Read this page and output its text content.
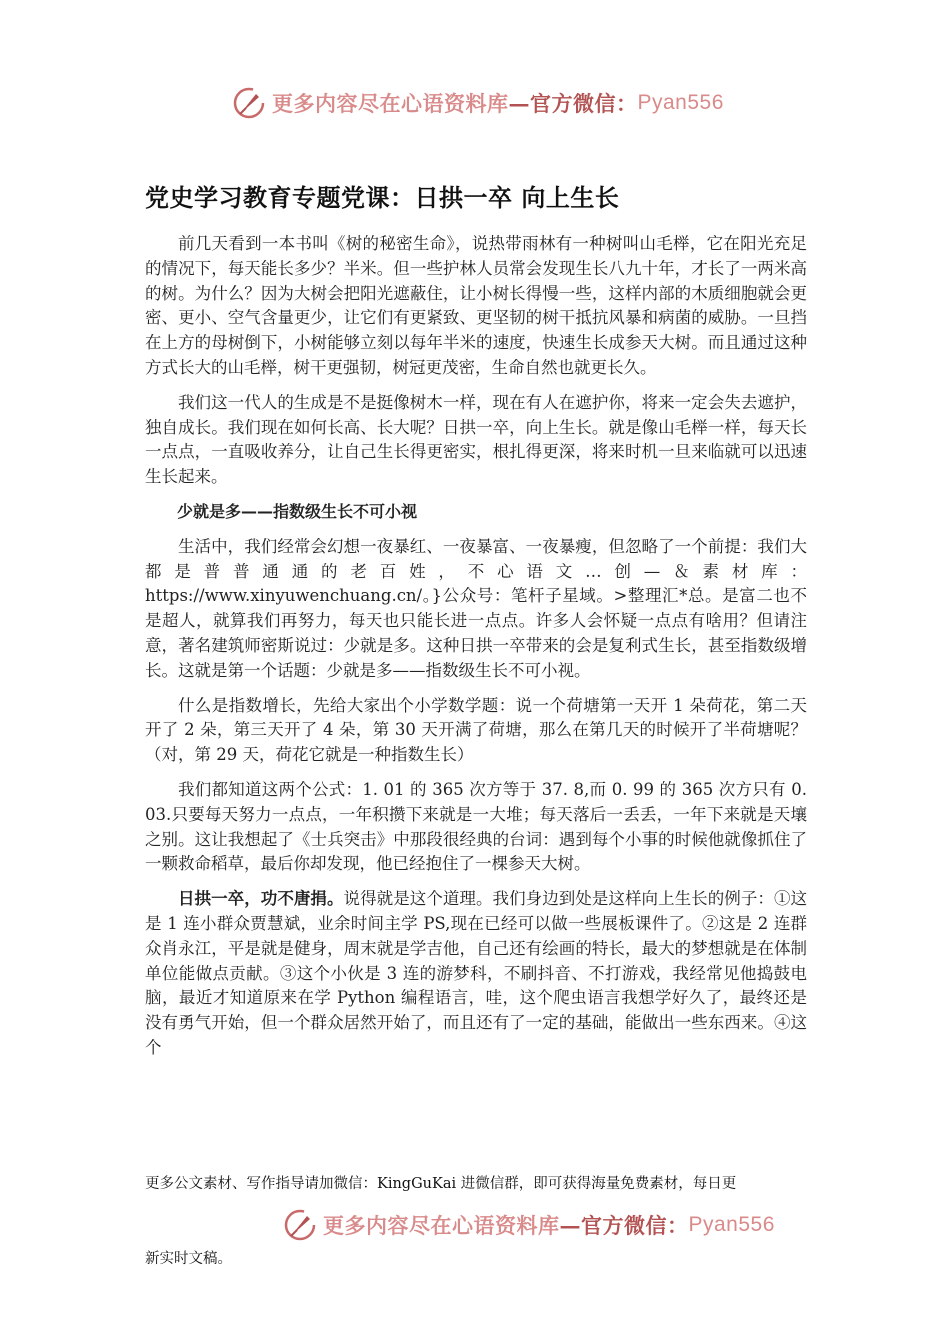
更多内容尽在心语资料库 —官方微信： Pyan556
党史学习教育专题党课：日拱一卒 向上生长

前几天看到一本书叫《树的秘密生命》，说热带雨林有一种树叫山毛榉，它在阳光充足的情况下，每天能长多少？半米。但一些护林人员常会发现生长八九十年，才长了一两米高的树。为什么？因为大树会把阳光遮蔽住，让小树长得慢一些，这样内部的木质细胞就会更密、更小、空气含量更少，让它们有更紧致、更坚韧的树干抵抗风暴和病菌的威胁。一旦挡在上方的母树倒下，小树能够立刻以每年半米的速度，快速生长成参天大树。而且通过这种方式长大的山毛榉，树干更强韧，树冠更茂密，生命自然也就更长久。

我们这一代人的生成是不是挺像树木一样，现在有人在遮护你，将来一定会失去遮护，独自成长。我们现在如何长高、长大呢？日拱一卒，向上生长。就是像山毛榉一样，每天长一点点，一直吸收养分，让自己生长得更密实，根扎得更深，将来时机一旦来临就可以迅速生长起来。

少就是多——指数级生长不可小视

生活中，我们经常会幻想一夜暴红、一夜暴富、一夜暴瘦，但忽略了一个前提：我们大都是普普通通的老百姓，不心语文…创—＆素材库：https://www.xinyuwenchuang.cn/。}公众号：笔杆子星域。>整理汇*总。是富二也不是超人，就算我们再努力，每天也只能长进一点点。许多人会怀疑一点点有啥用？但请注意，著名建筑师密斯说过：少就是多。这种日拱一卒带来的会是复利式生长，甚至指数级增长。这就是第一个话题：少就是多——指数级生长不可小视。

什么是指数增长，先给大家出个小学数学题：说一个荷塘第一天开 1 朵荷花，第二天开了 2 朵，第三天开了 4 朵，第 30 天开满了荷塘，那么在第几天的时候开了半荷塘呢？（对，第 29 天，荷花它就是一种指数生长）

我们都知道这两个公式：1. 01 的 365 次方等于 37. 8,而 0. 99 的 365 次方只有 0. 03.只要每天努力一点点，一年积攒下来就是一大堆；每天落后一丢丢，一年下来就是天壤之别。这让我想起了《士兵突击》中那段很经典的台词：遇到每个小事的时候他就像抓住了一颗救命稻草，最后你却发现，他已经抱住了一棵参天大树。

日拱一卒，功不唐捐。说得就是这个道理。我们身边到处是这样向上生长的例子：①这是 1 连小群众贾慧斌，业余时间主学 PS,现在已经可以做一些展板课件了。②这是 2 连群众肖永江，平是就是健身，周末就是学吉他，自己还有绘画的特长，最大的梦想就是在体制单位能做点贡献。③这个小伙是 3 连的游梦科，不刷抖音、不打游戏，我经常见他捣鼓电脑，最近才知道原来在学 Python 编程语言，哇，这个爬虫语言我想学好久了，最终还是没有勇气开始，但一个群众居然开始了，而且还有了一定的基础，能做出一些东西来。④这个

更多公文素材、写作指导请加微信：KingGuKai 进微信群，即可获得海量免费素材，每日更
更多内容尽在心语资料库 —官方微信： Pyan556
新实时文稿。
